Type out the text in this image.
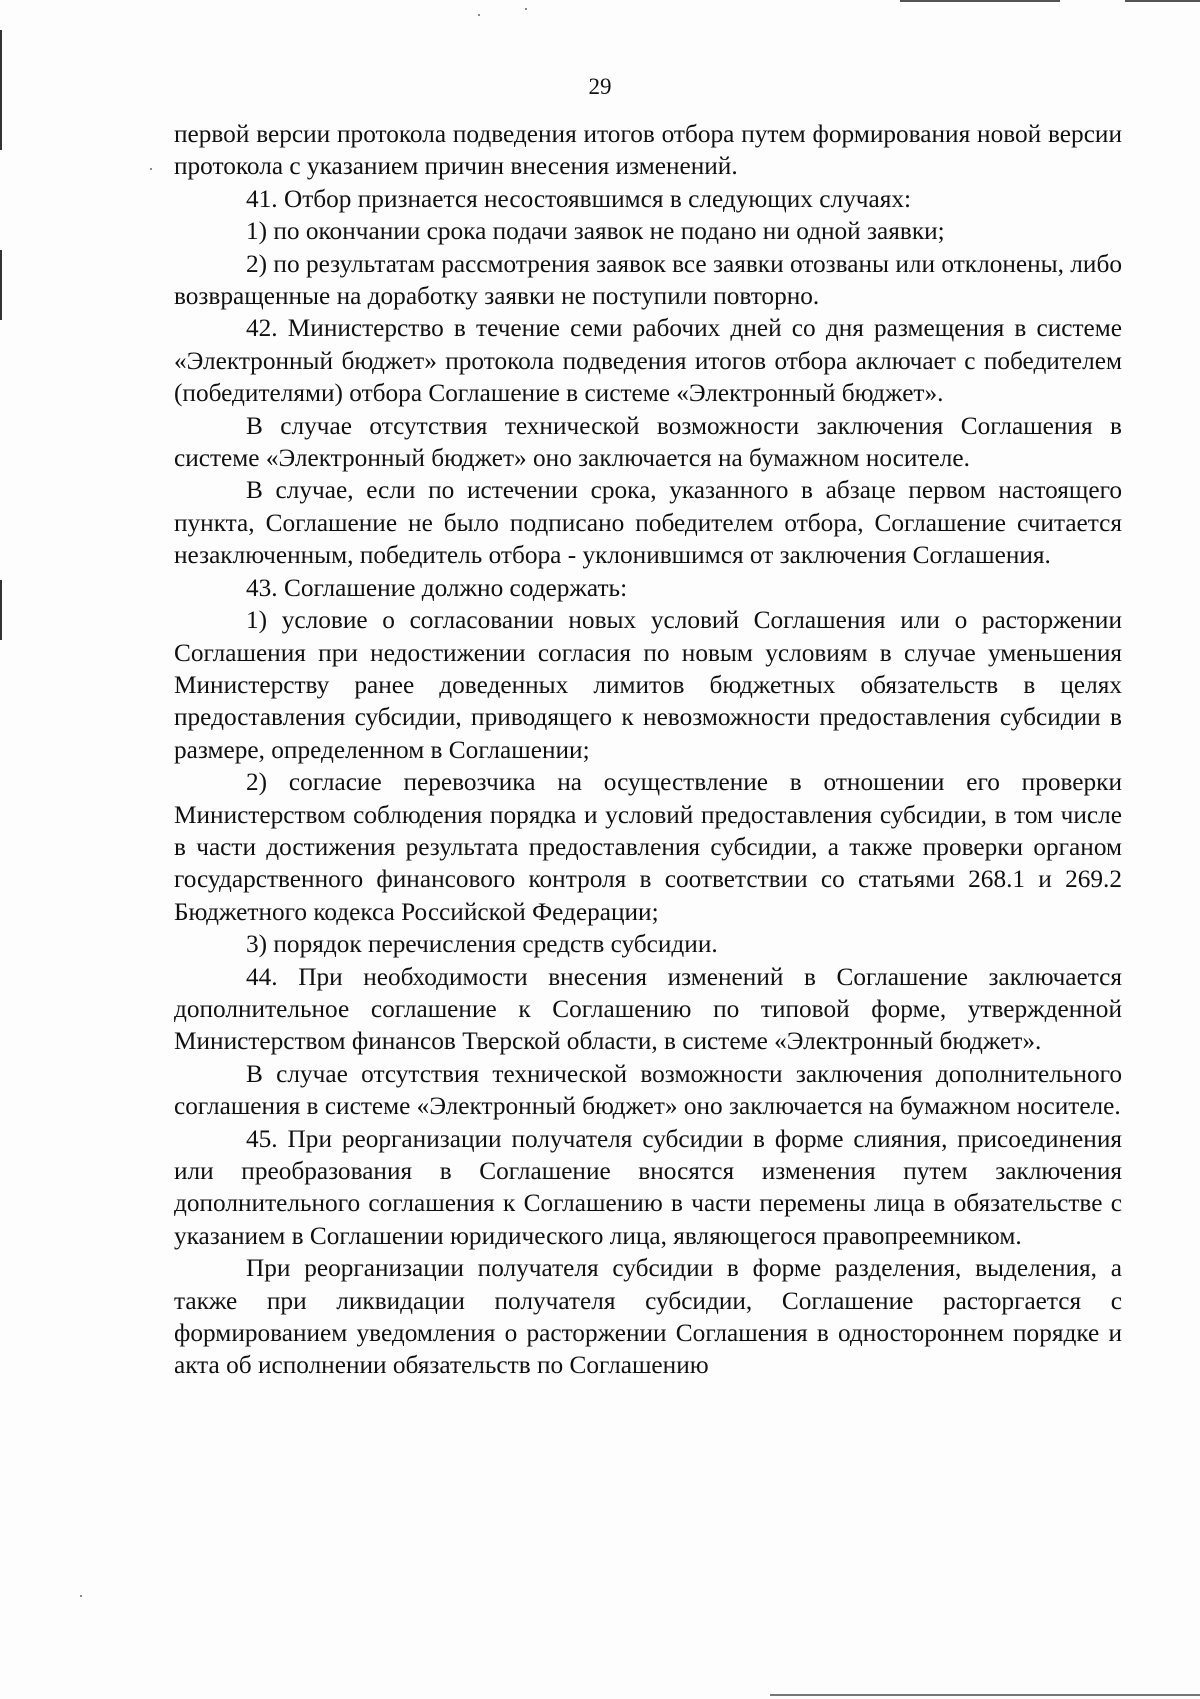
29

первой версии протокола подведения итогов отбора путем формирования новой версии протокола с указанием причин внесения изменений.

41. Отбор признается несостоявшимся в следующих случаях:

1) по окончании срока подачи заявок не подано ни одной заявки;

2) по результатам рассмотрения заявок все заявки отозваны или отклонены, либо возвращенные на доработку заявки не поступили повторно.

42. Министерство в течение семи рабочих дней со дня размещения в системе «Электронный бюджет» протокола подведения итогов отбора аключает с победителем (победителями) отбора Соглашение в системе «Электронный бюджет».

В случае отсутствия технической возможности заключения Соглашения в системе «Электронный бюджет» оно заключается на бумажном носителе.

В случае, если по истечении срока, указанного в абзаце первом настоящего пункта, Соглашение не было подписано победителем отбора, Соглашение считается незаключенным, победитель отбора - уклонившимся от заключения Соглашения.

43. Соглашение должно содержать:

1) условие о согласовании новых условий Соглашения или о расторжении Соглашения при недостижении согласия по новым условиям в случае уменьшения Министерству ранее доведенных лимитов бюджетных обязательств в целях предоставления субсидии, приводящего к невозможности предоставления субсидии в размере, определенном в Соглашении;

2) согласие перевозчика на осуществление в отношении его проверки Министерством соблюдения порядка и условий предоставления субсидии, в том числе в части достижения результата предоставления субсидии, а также проверки органом государственного финансового контроля в соответствии со статьями 268.1 и 269.2 Бюджетного кодекса Российской Федерации;

3) порядок перечисления средств субсидии.

44. При необходимости внесения изменений в Соглашение заключается дополнительное соглашение к Соглашению по типовой форме, утвержденной Министерством финансов Тверской области, в системе «Электронный бюджет».

В случае отсутствия технической возможности заключения дополнительного соглашения в системе «Электронный бюджет» оно заключается на бумажном носителе.

45. При реорганизации получателя субсидии в форме слияния, присоединения или преобразования в Соглашение вносятся изменения путем заключения дополнительного соглашения к Соглашению в части перемены лица в обязательстве с указанием в Соглашении юридического лица, являющегося правопреемником.

При реорганизации получателя субсидии в форме разделения, выделения, а также при ликвидации получателя субсидии, Соглашение расторгается с формированием уведомления о расторжении Соглашения в одностороннем порядке и акта об исполнении обязательств по Соглашению
